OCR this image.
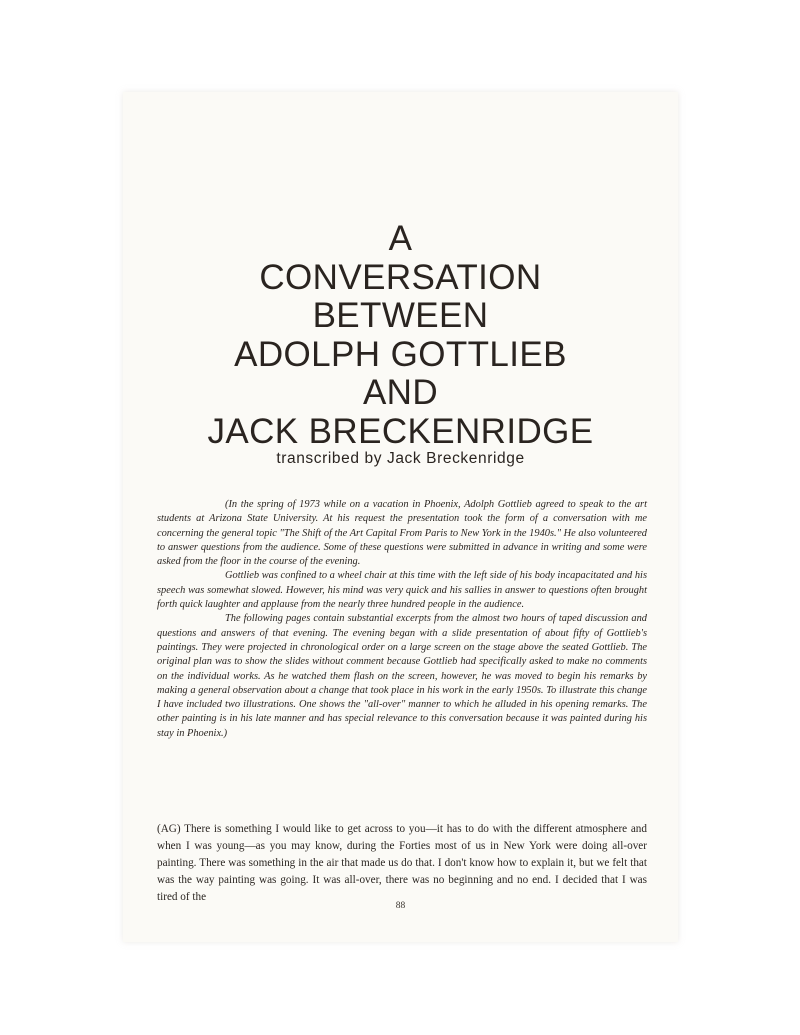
A
CONVERSATION
BETWEEN
ADOLPH GOTTLIEB
AND
JACK BRECKENRIDGE
transcribed by Jack Breckenridge

(In the spring of 1973 while on a vacation in Phoenix, Adolph Gottlieb agreed to speak to the art students at Arizona State University. At his request the presentation took the form of a conversation with me concerning the general topic "The Shift of the Art Capital From Paris to New York in the 1940s." He also volunteered to answer questions from the audience. Some of these questions were submitted in advance in writing and some were asked from the floor in the course of the evening.

Gottlieb was confined to a wheel chair at this time with the left side of his body incapacitated and his speech was somewhat slowed. However, his mind was very quick and his sallies in answer to questions often brought forth quick laughter and applause from the nearly three hundred people in the audience.

The following pages contain substantial excerpts from the almost two hours of taped discussion and questions and answers of that evening. The evening began with a slide presentation of about fifty of Gottlieb's paintings. They were projected in chronological order on a large screen on the stage above the seated Gottlieb. The original plan was to show the slides without comment because Gottlieb had specifically asked to make no comments on the individual works. As he watched them flash on the screen, however, he was moved to begin his remarks by making a general observation about a change that took place in his work in the early 1950s. To illustrate this change I have included two illustrations. One shows the "all-over" manner to which he alluded in his opening remarks. The other painting is in his late manner and has special relevance to this conversation because it was painted during his stay in Phoenix.)

(AG) There is something I would like to get across to you—it has to do with the different atmosphere and when I was young—as you may know, during the Forties most of us in New York were doing all-over painting. There was something in the air that made us do that. I don't know how to explain it, but we felt that was the way painting was going. It was all-over, there was no beginning and no end. I decided that I was tired of the

88
